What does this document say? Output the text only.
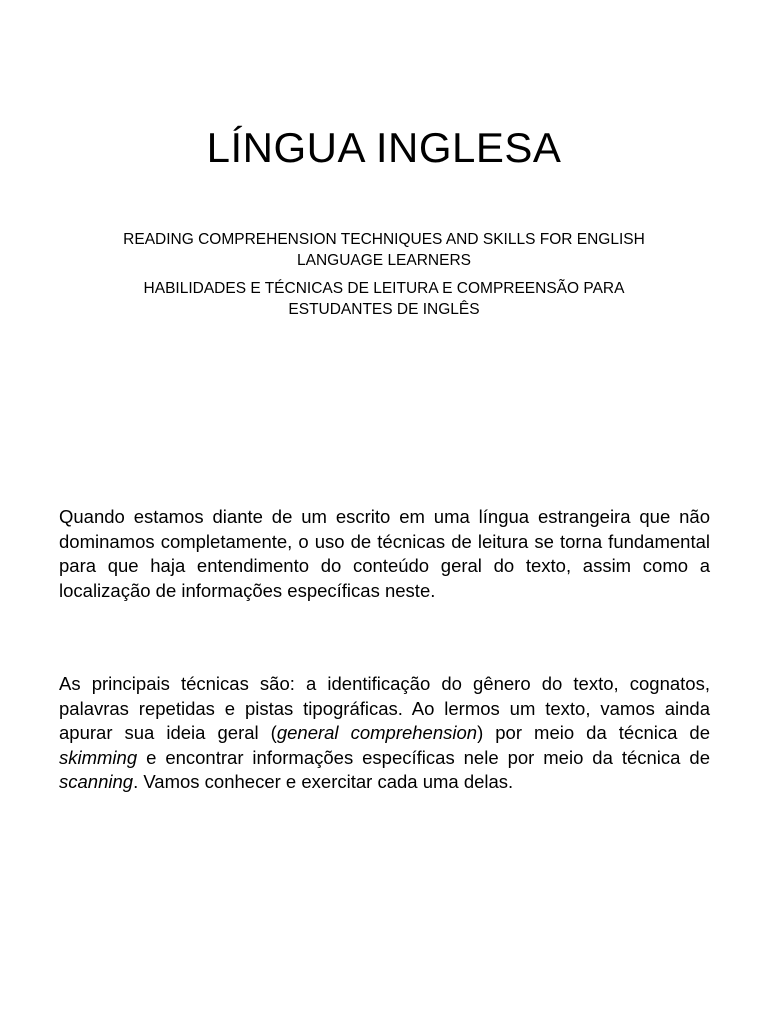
LÍNGUA INGLESA

READING COMPREHENSION TECHNIQUES AND SKILLS FOR ENGLISH LANGUAGE LEARNERS

HABILIDADES E TÉCNICAS DE LEITURA E COMPREENSÃO PARA ESTUDANTES DE INGLÊS

Quando estamos diante de um escrito em uma língua estrangeira que não dominamos completamente, o uso de técnicas de leitura se torna fundamental para que haja entendimento do conteúdo geral do texto, assim como a localização de informações específicas neste.

As principais técnicas são: a identificação do gênero do texto, cognatos, palavras repetidas e pistas tipográficas. Ao lermos um texto, vamos ainda apurar sua ideia geral (general comprehension) por meio da técnica de skimming e encontrar informações específicas nele por meio da técnica de scanning. Vamos conhecer e exercitar cada uma delas.
